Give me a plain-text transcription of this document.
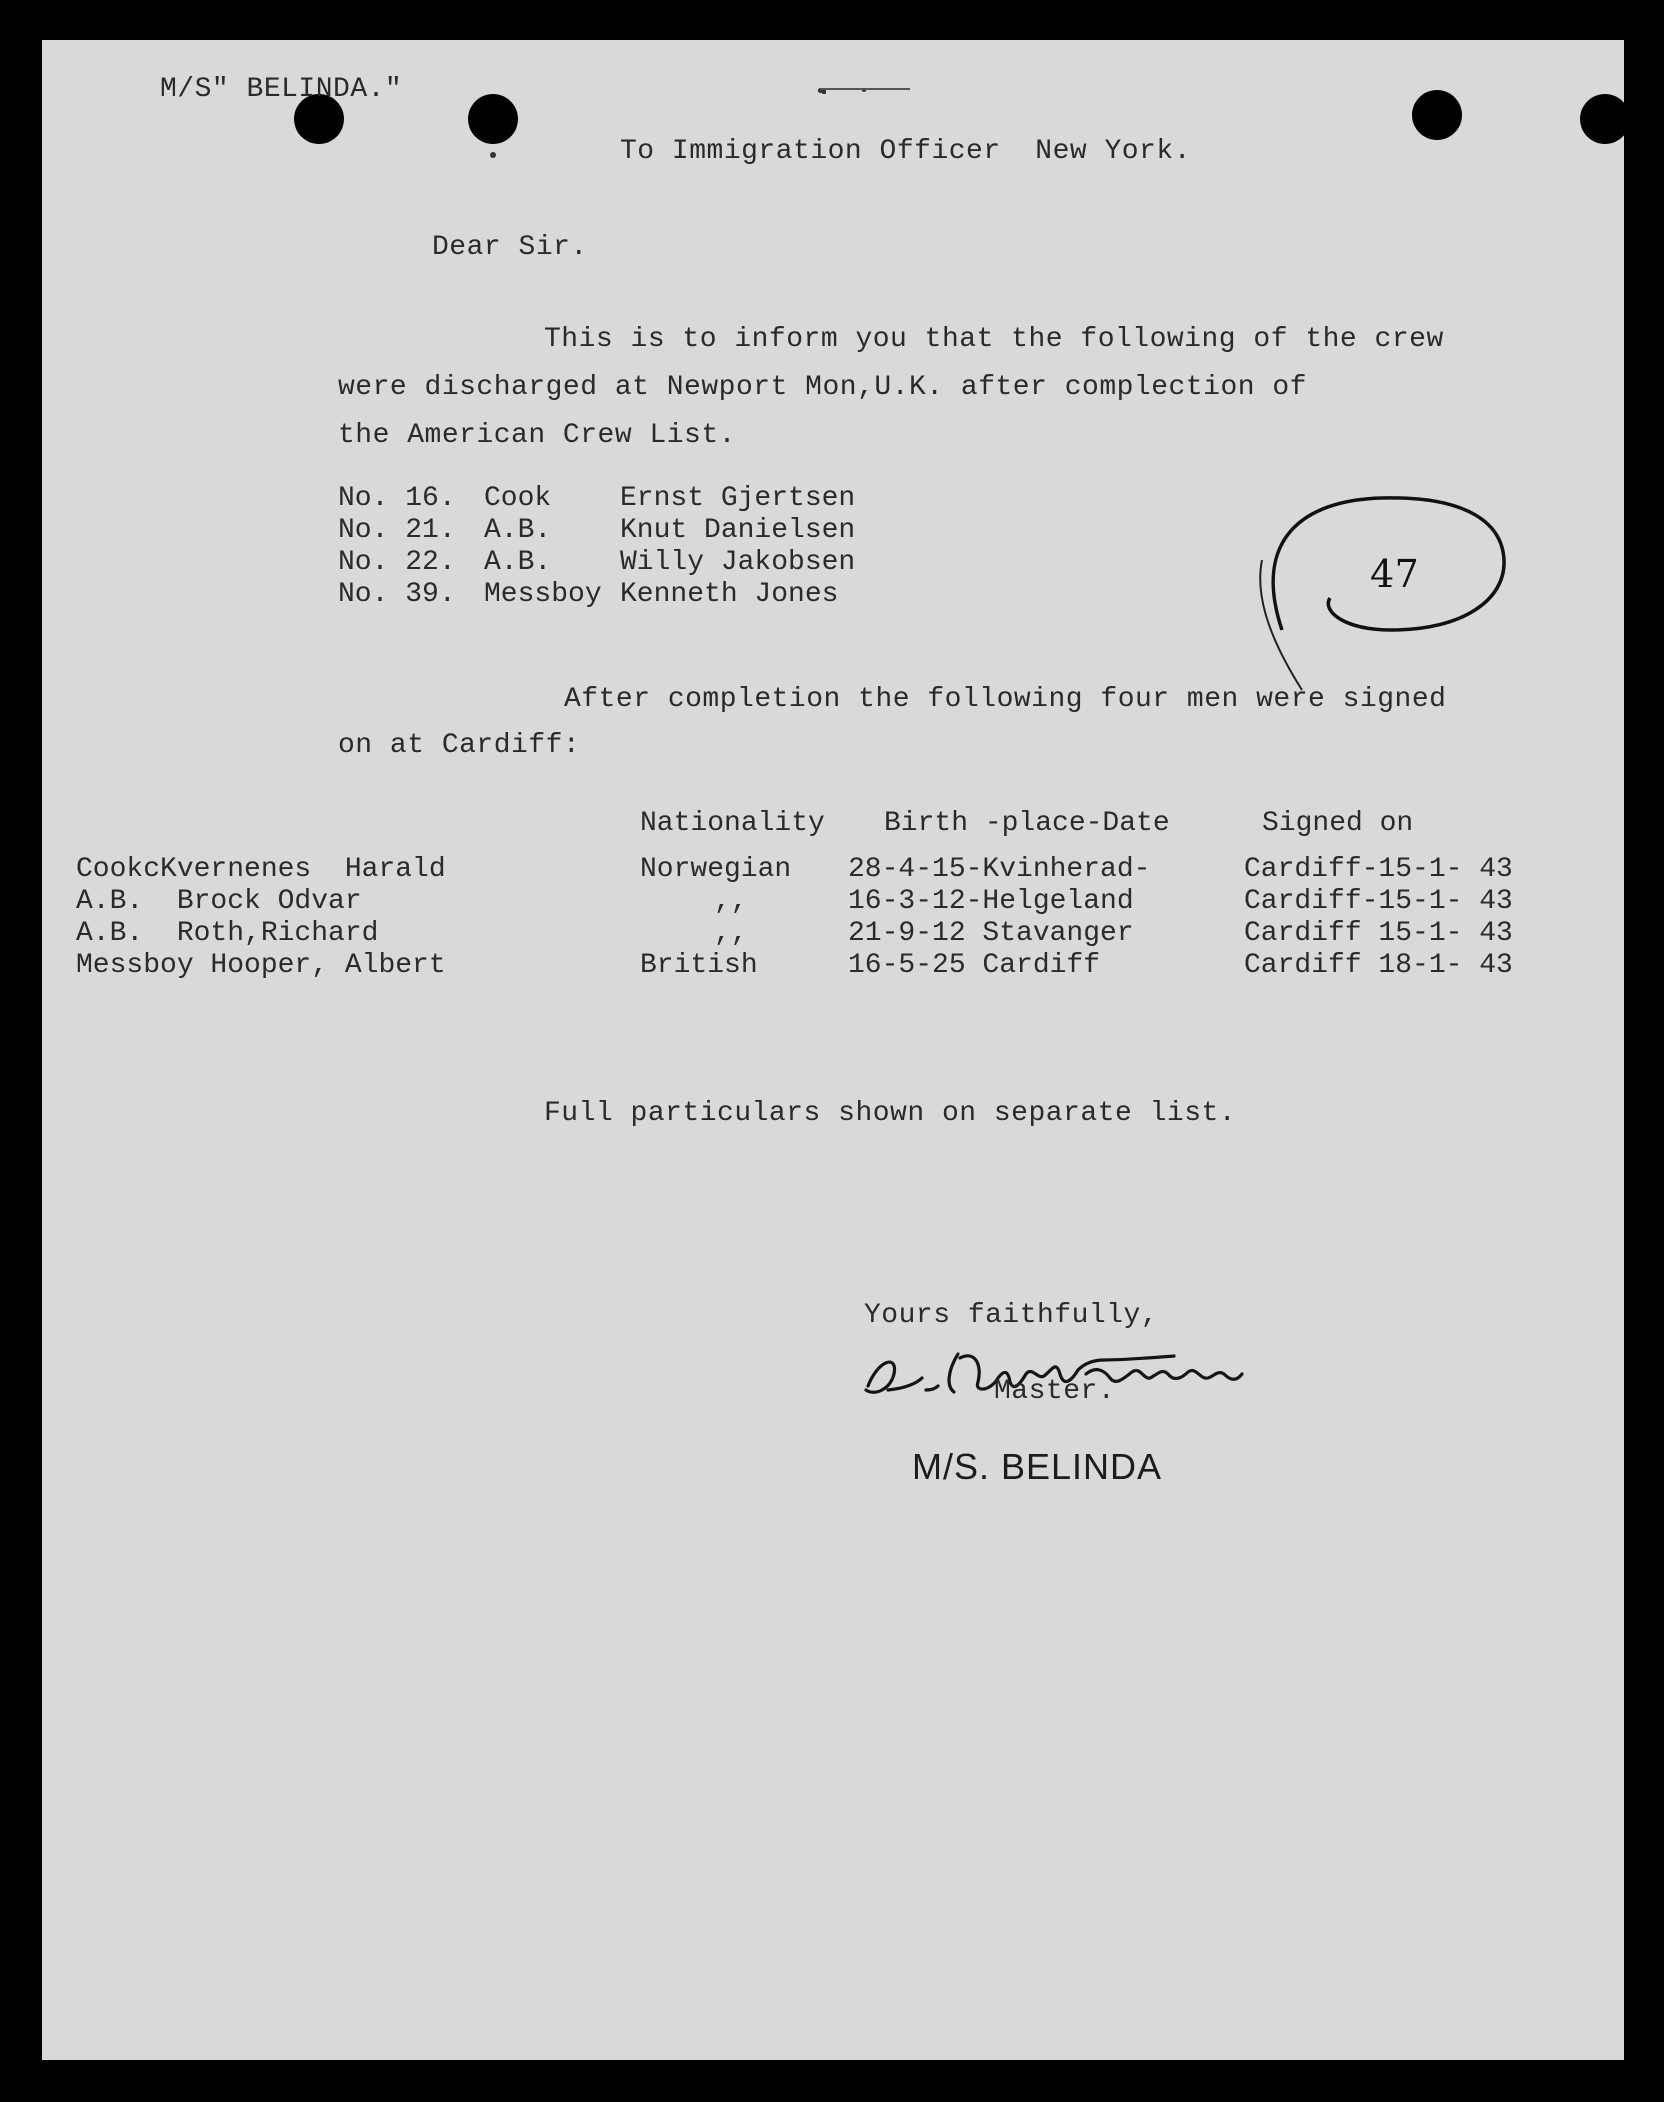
M/S" BELINDA."
To Immigration Officer  New York.
Dear Sir.
This is to inform you that the following of the crew
were discharged at Newport Mon,U.K. after complection of
the American Crew List.
No. 16. Cook Ernst Gjertsen
No. 21. A.B. Knut Danielsen
No. 22. A.B. Willy Jakobsen
No. 39. Messboy Kenneth Jones	47
After completion the following four men were signed
on at Cardiff:
Nationality Birth -place-Date	Signed on
CookcKvernenes  Harald	Norwegian 28-4-15-Kvinherad-	Cardiff-15-1- 43
A.B.  Brock Odvar	,,	16-3-12-Helgeland	Cardiff-15-1- 43
A.B.  Roth,Richard	,,	21-9-12 Stavanger	Cardiff 15-1- 43
Messboy Hooper, Albert	British	16-5-25 Cardiff	Cardiff 18-1- 43
Full particulars shown on separate list.
Yours faithfully,
Master.
M/S. BELINDA
